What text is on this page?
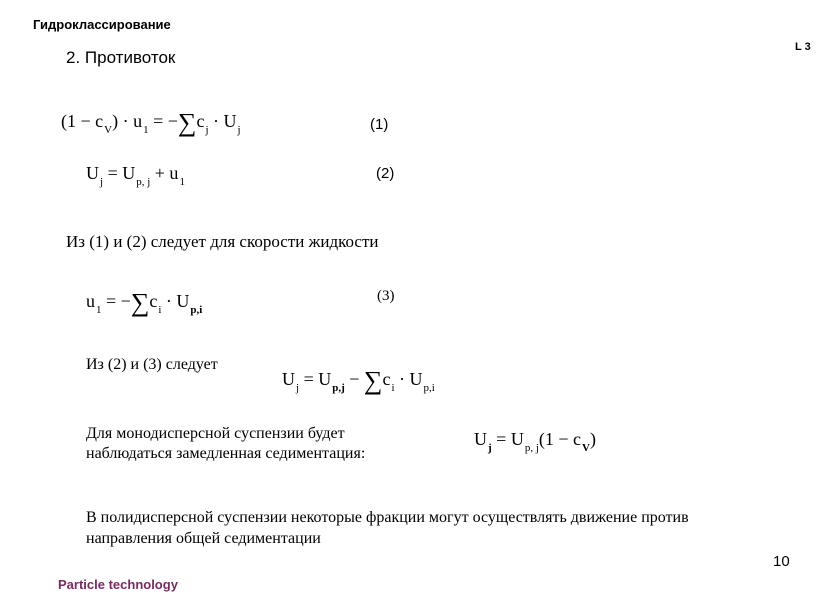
Гидроклассирование
2. Противоток
L 3
$(1 - c_V) \cdot u_1 = -\sum c_j \cdot U_j$	(1)
$U_j = U_{p, j} + u_1$	(2)
Из (1) и (2) следует для скорости жидкости
$u_1 = -\sum c_i \cdot U_{p,i}$
(3)
Из (2) и (3) следует
$U_j = U_{p,j} - \sum c_i \cdot U_{p,i}$
Для монодисперсной суспензии будет наблюдаться замедленная седиментация:
$U_j = U_{p, j}(1 - c_V)$
В полидисперсной суспензии некоторые фракции могут осуществлять движение против направления общей седиментации
10
Particle technology
